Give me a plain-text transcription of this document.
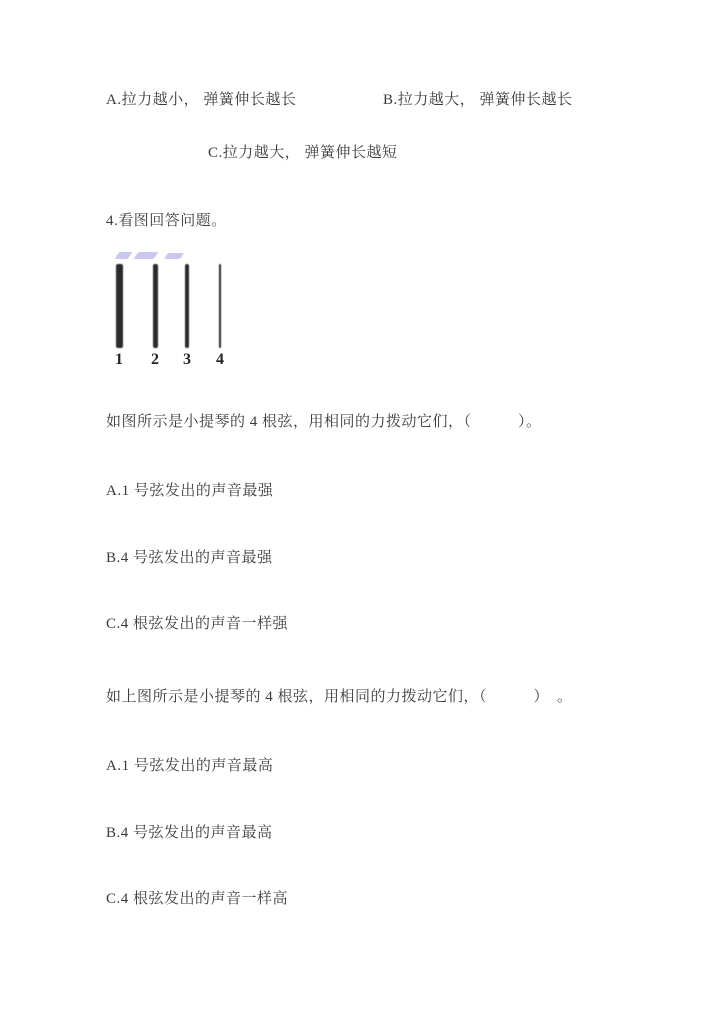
A.拉力越小， 弹簧伸长越长	B.拉力越大， 弹簧伸长越长
C.拉力越大， 弹簧伸长越短
4.看图回答问题。
1 2 3 4
如图所示是小提琴的 4 根弦，用相同的力拨动它们，（　　　）。
A.1 号弦发出的声音最强
B.4 号弦发出的声音最强
C.4 根弦发出的声音一样强
如上图所示是小提琴的 4 根弦，用相同的力拨动它们，（　　　）　。
A.1 号弦发出的声音最高
B.4 号弦发出的声音最高
C.4 根弦发出的声音一样高
